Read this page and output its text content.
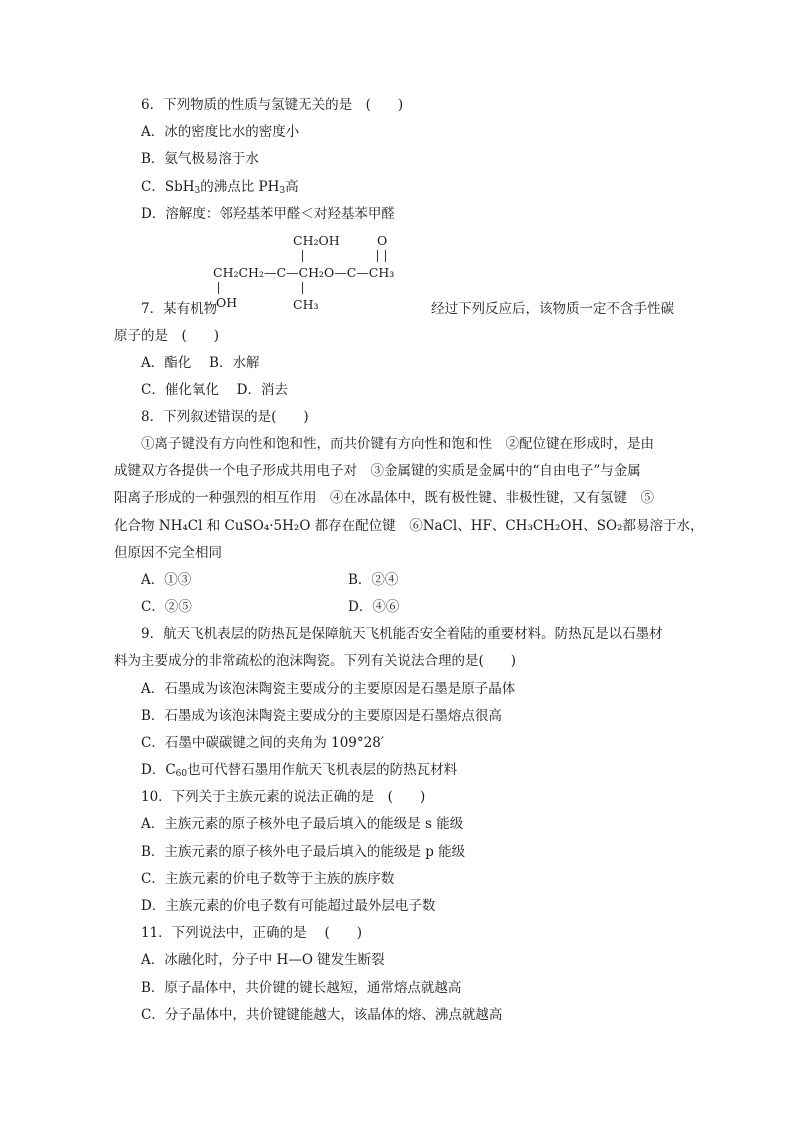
6．下列物质的性质与氢键无关的是　(　　)
A．冰的密度比水的密度小
B．氨气极易溶于水
C．SbH$_3$的沸点比 $PH_3$高
D．溶解度：邻羟基苯甲醛＜对羟基苯甲醛
CH₂OH	O
CH₂CH₂—C—CH₂O—C—CH₃
OH	CH₃
7．某有机物	经过下列反应后，该物质一定不含手性碳
原子的是　(　　)
A．酯化　 B．水解
C．催化氧化　 D．消去
8．下列叙述错误的是(　　)
①离子键没有方向性和饱和性，而共价键有方向性和饱和性　②配位键在形成时，是由
成键双方各提供一个电子形成共用电子对　③金属键的实质是金属中的“自由电子”与金属
阳离子形成的一种强烈的相互作用　④在冰晶体中，既有极性键、非极性键，又有氢键　⑤
化合物 NH₄Cl 和 CuSO₄·5H₂O 都存在配位键　⑥NaCl、HF、CH₃CH₂OH、SO₂都易溶于水，
但原因不完全相同
A．①③	B．②④
C．②⑤	D．④⑥
9．航天飞机表层的防热瓦是保障航天飞机能否安全着陆的重要材料。防热瓦是以石墨材
料为主要成分的非常疏松的泡沫陶瓷。下列有关说法合理的是(　　)
A．石墨成为该泡沫陶瓷主要成分的主要原因是石墨是原子晶体
B．石墨成为该泡沫陶瓷主要成分的主要原因是石墨熔点很高
C．石墨中碳碳键之间的夹角为 109°28′
D．$C_{60}$也可代替石墨用作航天飞机表层的防热瓦材料
10．下列关于主族元素的说法正确的是　(　　)
A．主族元素的原子核外电子最后填入的能级是 s 能级
B．主族元素的原子核外电子最后填入的能级是 p 能级
C．主族元素的价电子数等于主族的族序数
D．主族元素的价电子数有可能超过最外层电子数
11．下列说法中，正确的是　 (　　)
A．冰融化时，分子中 H—O 键发生断裂
B．原子晶体中，共价键的键长越短，通常熔点就越高
C．分子晶体中，共价键键能越大，该晶体的熔、沸点就越高
